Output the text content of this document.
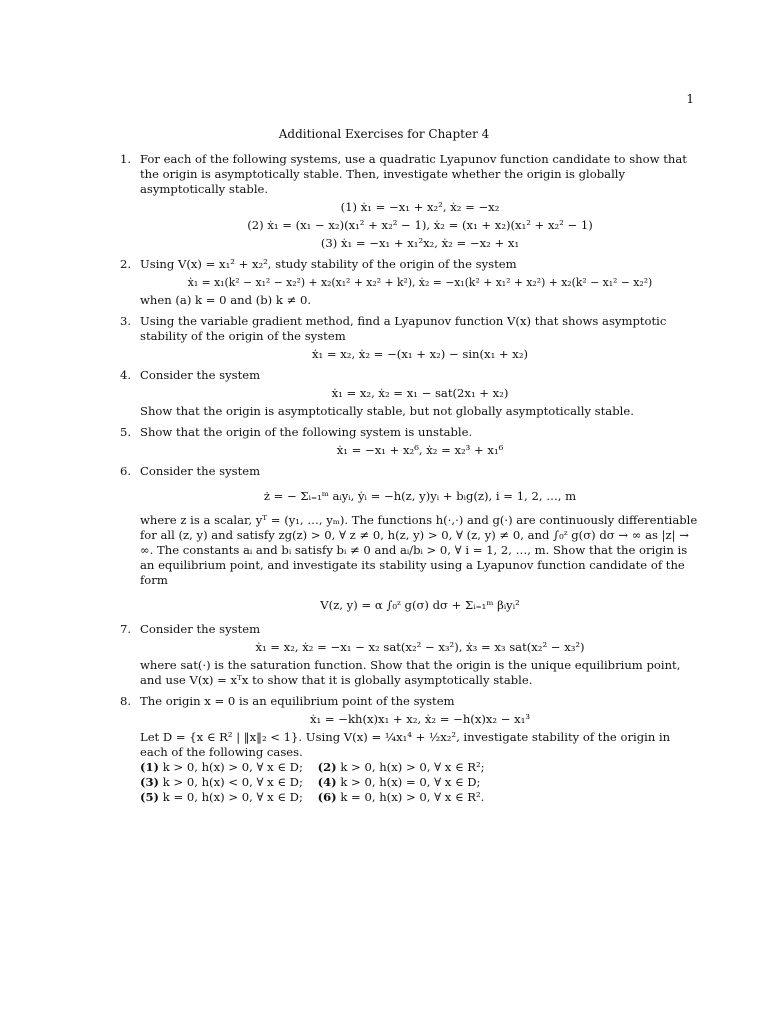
1
Additional Exercises for Chapter 4
1. For each of the following systems, use a quadratic Lyapunov function candidate to show that the origin is asymptotically stable. Then, investigate whether the origin is globally asymptotically stable.
(1) ẋ₁ = −x₁ + x₂², ẋ₂ = −x₂
(2) ẋ₁ = (x₁ − x₂)(x₁² + x₂² − 1), ẋ₂ = (x₁ + x₂)(x₁² + x₂² − 1)
(3) ẋ₁ = −x₁ + x₁²x₂, ẋ₂ = −x₂ + x₁
2. Using V(x) = x₁² + x₂², study stability of the origin of the system
ẋ₁ = x₁(k² − x₁² − x₂²) + x₂(x₁² + x₂² + k²), ẋ₂ = −x₁(k² + x₁² + x₂²) + x₂(k² − x₁² − x₂²)
when (a) k = 0 and (b) k ≠ 0.
3. Using the variable gradient method, find a Lyapunov function V(x) that shows asymptotic stability of the origin of the system
ẋ₁ = x₂, ẋ₂ = −(x₁ + x₂) − sin(x₁ + x₂)
4. Consider the system
ẋ₁ = x₂, ẋ₂ = x₁ − sat(2x₁ + x₂)
Show that the origin is asymptotically stable, but not globally asymptotically stable.
5. Show that the origin of the following system is unstable.
ẋ₁ = −x₁ + x₂⁶, ẋ₂ = x₂³ + x₁⁶
6. Consider the system
ż = − Σᵢ₌₁ᵐ aᵢyᵢ, ẏᵢ = −h(z, y)yᵢ + bᵢg(z), i = 1, 2, …, m
where z is a scalar, yᵀ = (y₁, …, yₘ). The functions h(·,·) and g(·) are continuously differentiable for all (z, y) and satisfy zg(z) > 0, ∀ z ≠ 0, h(z, y) > 0, ∀ (z, y) ≠ 0, and ∫₀ᶻ g(σ) dσ → ∞ as |z| → ∞. The constants aᵢ and bᵢ satisfy bᵢ ≠ 0 and aᵢ/bᵢ > 0, ∀ i = 1, 2, …, m. Show that the origin is an equilibrium point, and investigate its stability using a Lyapunov function candidate of the form
V(z, y) = α ∫₀ᶻ g(σ) dσ + Σᵢ₌₁ᵐ βᵢyᵢ²
7. Consider the system
ẋ₁ = x₂, ẋ₂ = −x₁ − x₂ sat(x₂² − x₃²), ẋ₃ = x₃ sat(x₂² − x₃²)
where sat(·) is the saturation function. Show that the origin is the unique equilibrium point, and use V(x) = xᵀx to show that it is globally asymptotically stable.
8. The origin x = 0 is an equilibrium point of the system
ẋ₁ = −kh(x)x₁ + x₂, ẋ₂ = −h(x)x₂ − x₁³
Let D = {x ∈ R² | ‖x‖₂ < 1}. Using V(x) = ¼x₁⁴ + ½x₂², investigate stability of the origin in each of the following cases.
(1) k > 0, h(x) > 0, ∀ x ∈ D; (2) k > 0, h(x) > 0, ∀ x ∈ R²;
(3) k > 0, h(x) < 0, ∀ x ∈ D; (4) k > 0, h(x) = 0, ∀ x ∈ D;
(5) k = 0, h(x) > 0, ∀ x ∈ D; (6) k = 0, h(x) > 0, ∀ x ∈ R².
